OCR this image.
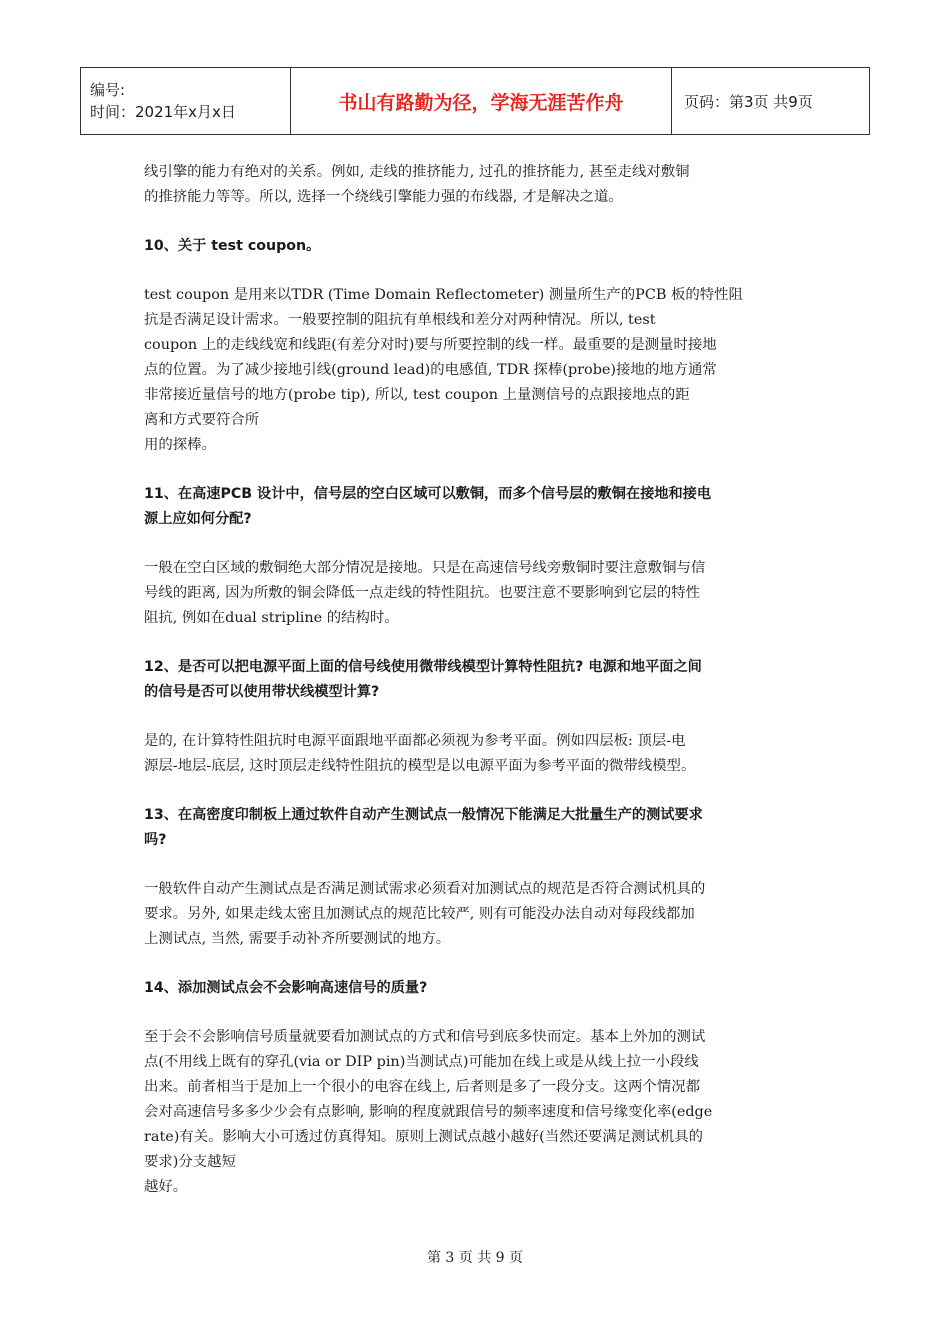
编号:
时间：2021年x月x日	书山有路勤为径，学海无涯苦作舟	页码：第3页 共9页
线引擎的能力有绝对的关系。例如, 走线的推挤能力, 过孔的推挤能力, 甚至走线对敷铜
的推挤能力等等。所以, 选择一个绕线引擎能力强的布线器, 才是解决之道。
10、关于 test coupon。
test coupon 是用来以TDR (Time Domain Reflectometer) 测量所生产的PCB 板的特性阻
抗是否满足设计需求。一般要控制的阻抗有单根线和差分对两种情况。所以, test
coupon 上的走线线宽和线距(有差分对时)要与所要控制的线一样。最重要的是测量时接地
点的位置。为了减少接地引线(ground lead)的电感值, TDR 探棒(probe)接地的地方通常
非常接近量信号的地方(probe tip), 所以, test coupon 上量测信号的点跟接地点的距
离和方式要符合所
用的探棒。
11、在高速PCB 设计中，信号层的空白区域可以敷铜，而多个信号层的敷铜在接地和接电
源上应如何分配?
一般在空白区域的敷铜绝大部分情况是接地。只是在高速信号线旁敷铜时要注意敷铜与信
号线的距离, 因为所敷的铜会降低一点走线的特性阻抗。也要注意不要影响到它层的特性
阻抗, 例如在dual stripline 的结构时。
12、是否可以把电源平面上面的信号线使用微带线模型计算特性阻抗? 电源和地平面之间
的信号是否可以使用带状线模型计算?
是的, 在计算特性阻抗时电源平面跟地平面都必须视为参考平面。例如四层板: 顶层-电
源层-地层-底层, 这时顶层走线特性阻抗的模型是以电源平面为参考平面的微带线模型。
13、在高密度印制板上通过软件自动产生测试点一般情况下能满足大批量生产的测试要求
吗?
一般软件自动产生测试点是否满足测试需求必须看对加测试点的规范是否符合测试机具的
要求。另外, 如果走线太密且加测试点的规范比较严, 则有可能没办法自动对每段线都加
上测试点, 当然, 需要手动补齐所要测试的地方。
14、添加测试点会不会影响高速信号的质量?
至于会不会影响信号质量就要看加测试点的方式和信号到底多快而定。基本上外加的测试
点(不用线上既有的穿孔(via or DIP pin)当测试点)可能加在线上或是从线上拉一小段线
出来。前者相当于是加上一个很小的电容在线上, 后者则是多了一段分支。这两个情况都
会对高速信号多多少少会有点影响, 影响的程度就跟信号的频率速度和信号缘变化率(edge
rate)有关。影响大小可透过仿真得知。原则上测试点越小越好(当然还要满足测试机具的
要求)分支越短
越好。
第 3 页 共 9 页
